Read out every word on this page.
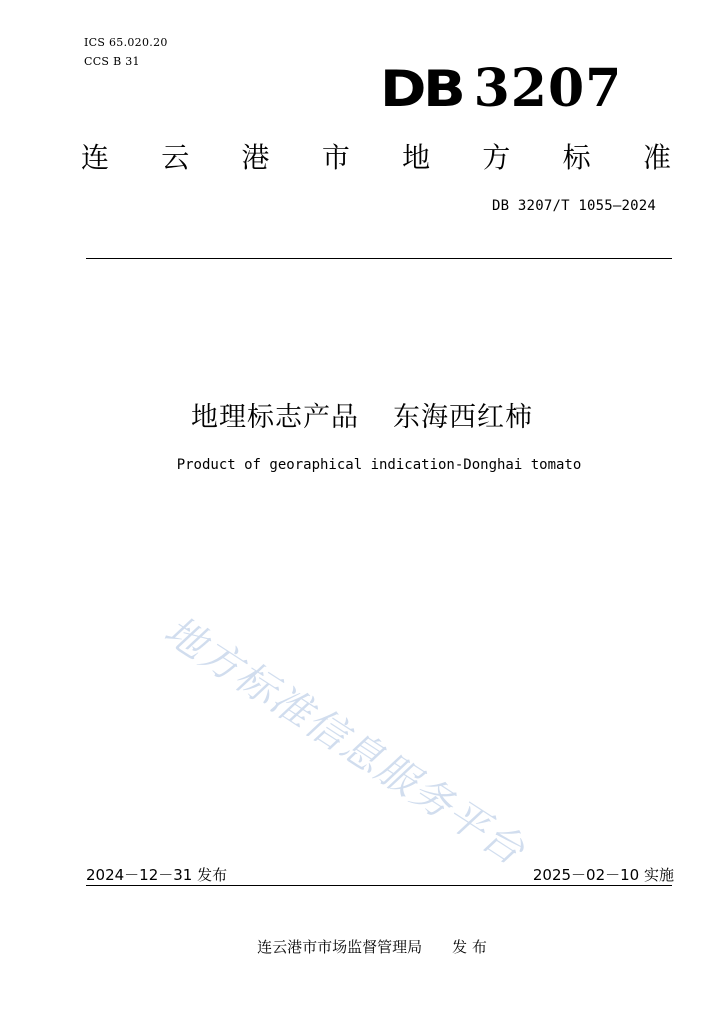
ICS 65.020.20
CCS B 31	DB 3207
连 云 港 市 地 方 标 准
DB 3207/T 1055—2024
地理标志产品 东海西红柿
Product of georaphical indication-Donghai tomato
地方标准信息服务平台
2024－12－31 发布	2025－02－10 实施
连云港市市场监督管理局 发 布
